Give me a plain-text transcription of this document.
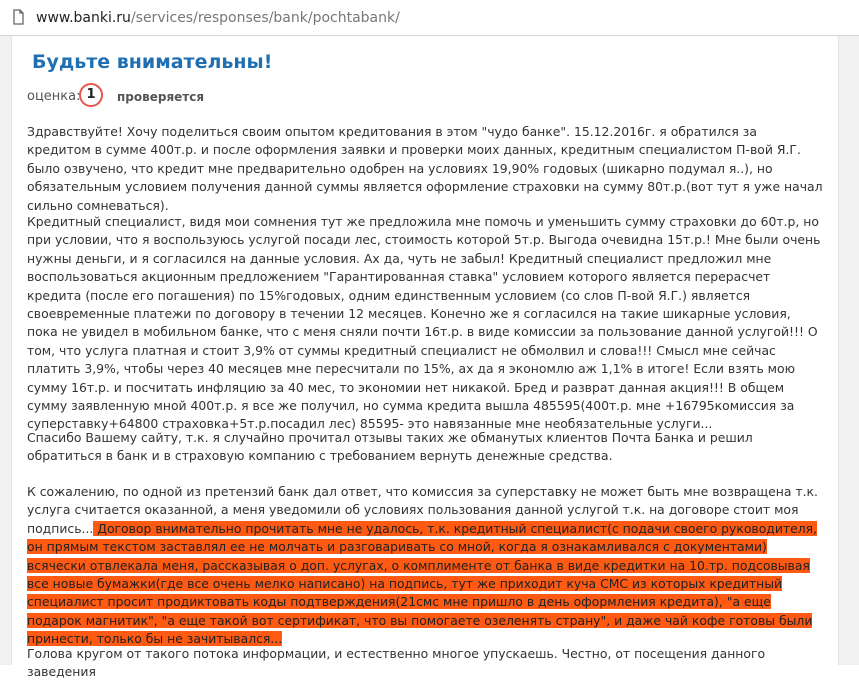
www.banki.ru/services/responses/bank/pochtabank/
Будьте внимательны!
оценка: 1	проверяется

Здравствуйте! Хочу поделиться своим опытом кредитования в этом "чудо банке". 15.12.2016г. я обратился за кредитом в сумме 400т.р. и после оформления заявки и проверки моих данных, кредитным специалистом П-вой Я.Г. было озвучено, что кредит мне предварительно одобрен на условиях 19,90% годовых (шикарно подумал я..), но обязательным условием получения данной суммы является оформление страховки на сумму 80т.р.(вот тут я уже начал сильно сомневаться).

Кредитный специалист, видя мои сомнения тут же предложила мне помочь и уменьшить сумму страховки до 60т.р, но при условии, что я воспользуюсь услугой посади лес, стоимость которой 5т.р. Выгода очевидна 15т.р.! Мне были очень нужны деньги, и я согласился на данные условия. Ах да, чуть не забыл! Кредитный специалист предложил мне воспользоваться акционным предложением "Гарантированная ставка" условием которого является перерасчет кредита (после его погашения) по 15%годовых, одним единственным условием (со слов П-вой Я.Г.) является своевременные платежи по договору в течении 12 месяцев. Конечно же я согласился на такие шикарные условия, пока не увидел в мобильном банке, что с меня сняли почти 16т.р. в виде комиссии за пользование данной услугой!!! О том, что услуга платная и стоит 3,9% от суммы кредитный специалист не обмолвил и слова!!! Смысл мне сейчас платить 3,9%, чтобы через 40 месяцев мне пересчитали по 15%, ах да я экономлю аж 1,1% в итоге! Если взять мою сумму 16т.р. и посчитать инфляцию за 40 мес, то экономии нет никакой. Бред и разврат данная акция!!! В общем сумму заявленную мной 400т.р. я все же получил, но сумма кредита вышла 485595(400т.р. мне +16795комиссия за суперставку+64800 страховка+5т.р.посадил лес) 85595- это навязанные мне необязательные услуги...

Спасибо Вашему сайту, т.к. я случайно прочитал отзывы таких же обманутых клиентов Почта Банка и решил обратиться в банк и в страховую компанию с требованием вернуть денежные средства.

К сожалению, по одной из претензий банк дал ответ, что комиссия за суперставку не может быть мне возвращена т.к. услуга считается оказанной, а меня уведомили об условиях пользования данной услугой т.к. на договоре стоит моя подпись... Договор внимательно прочитать мне не удалось, т.к. кредитный специалист(с подачи своего руководителя, он прямым текстом заставлял ее не молчать и разговаривать со мной, когда я ознакамливался с документами) всячески отвлекала меня, рассказывая о доп. услугах, о комплименте от банка в виде кредитки на 10.тр. подсовывая все новые бумажки(где все очень мелко написано) на подпись, тут же приходит куча СМС из которых кредитный специалист просит продиктовать коды подтверждения(21смс мне пришло в день оформления кредита), "а еще подарок магнитик", "а еще такой вот сертификат, что вы помогаете озеленять страну", и даже чай кофе готовы были принести, только бы не зачитывался...

Голова кругом от такого потока информации, и естественно многое упускаешь. Честно, от посещения данного заведения
